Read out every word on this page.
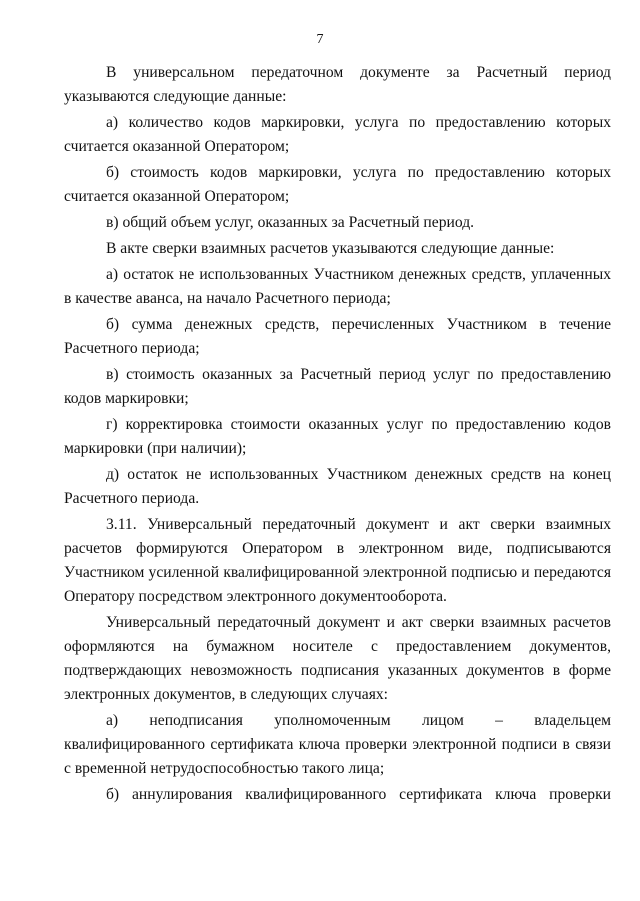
7

В универсальном передаточном документе за Расчетный период указываются следующие данные:

а) количество кодов маркировки, услуга по предоставлению которых считается оказанной Оператором;

б) стоимость кодов маркировки, услуга по предоставлению которых считается оказанной Оператором;

в) общий объем услуг, оказанных за Расчетный период.

В акте сверки взаимных расчетов указываются следующие данные:

а) остаток не использованных Участником денежных средств, уплаченных в качестве аванса, на начало Расчетного периода;

б) сумма денежных средств, перечисленных Участником в течение Расчетного периода;

в) стоимость оказанных за Расчетный период услуг по предоставлению кодов маркировки;

г) корректировка стоимости оказанных услуг по предоставлению кодов маркировки (при наличии);

д) остаток не использованных Участником денежных средств на конец Расчетного периода.

3.11. Универсальный передаточный документ и акт сверки взаимных расчетов формируются Оператором в электронном виде, подписываются Участником усиленной квалифицированной электронной подписью и передаются Оператору посредством электронного документооборота.

Универсальный передаточный документ и акт сверки взаимных расчетов оформляются на бумажном носителе с предоставлением документов, подтверждающих невозможность подписания указанных документов в форме электронных документов, в следующих случаях:

а) неподписания уполномоченным лицом – владельцем квалифицированного сертификата ключа проверки электронной подписи в связи с временной нетрудоспособностью такого лица;

б) аннулирования квалифицированного сертификата ключа проверки
